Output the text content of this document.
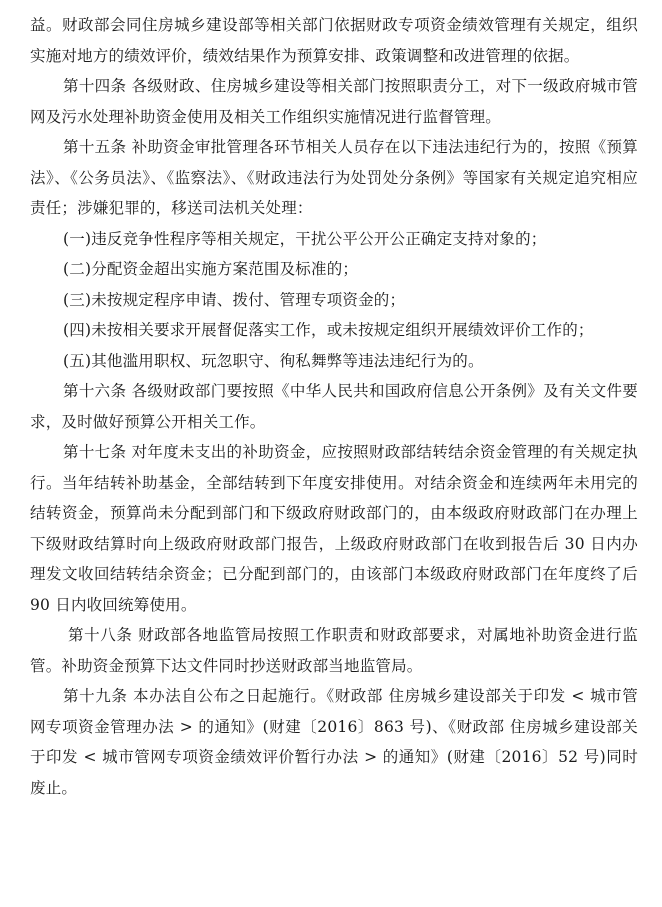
益。财政部会同住房城乡建设部等相关部门依据财政专项资金绩效管理有关规定，组织实施对地方的绩效评价，绩效结果作为预算安排、政策调整和改进管理的依据。

第十四条 各级财政、住房城乡建设等相关部门按照职责分工，对下一级政府城市管网及污水处理补助资金使用及相关工作组织实施情况进行监督管理。

第十五条 补助资金审批管理各环节相关人员存在以下违法违纪行为的，按照《预算法》、《公务员法》、《监察法》、《财政违法行为处罚处分条例》等国家有关规定追究相应责任；涉嫌犯罪的，移送司法机关处理：

(一)违反竞争性程序等相关规定，干扰公平公开公正确定支持对象的；

(二)分配资金超出实施方案范围及标准的；

(三)未按规定程序申请、拨付、管理专项资金的；

(四)未按相关要求开展督促落实工作，或未按规定组织开展绩效评价工作的；

(五)其他滥用职权、玩忽职守、徇私舞弊等违法违纪行为的。

第十六条 各级财政部门要按照《中华人民共和国政府信息公开条例》及有关文件要求，及时做好预算公开相关工作。

第十七条 对年度未支出的补助资金，应按照财政部结转结余资金管理的有关规定执行。当年结转补助基金，全部结转到下年度安排使用。对结余资金和连续两年未用完的结转资金，预算尚未分配到部门和下级政府财政部门的，由本级政府财政部门在办理上下级财政结算时向上级政府财政部门报告，上级政府财政部门在收到报告后 30 日内办理发文收回结转结余资金；已分配到部门的，由该部门本级政府财政部门在年度终了后 90 日内收回统筹使用。

第十八条 财政部各地监管局按照工作职责和财政部要求，对属地补助资金进行监管。补助资金预算下达文件同时抄送财政部当地监管局。

第十九条 本办法自公布之日起施行。《财政部 住房城乡建设部关于印发 < 城市管网专项资金管理办法 > 的通知》(财建〔2016〕863 号)、《财政部 住房城乡建设部关于印发 < 城市管网专项资金绩效评价暂行办法 > 的通知》(财建〔2016〕52 号)同时废止。
